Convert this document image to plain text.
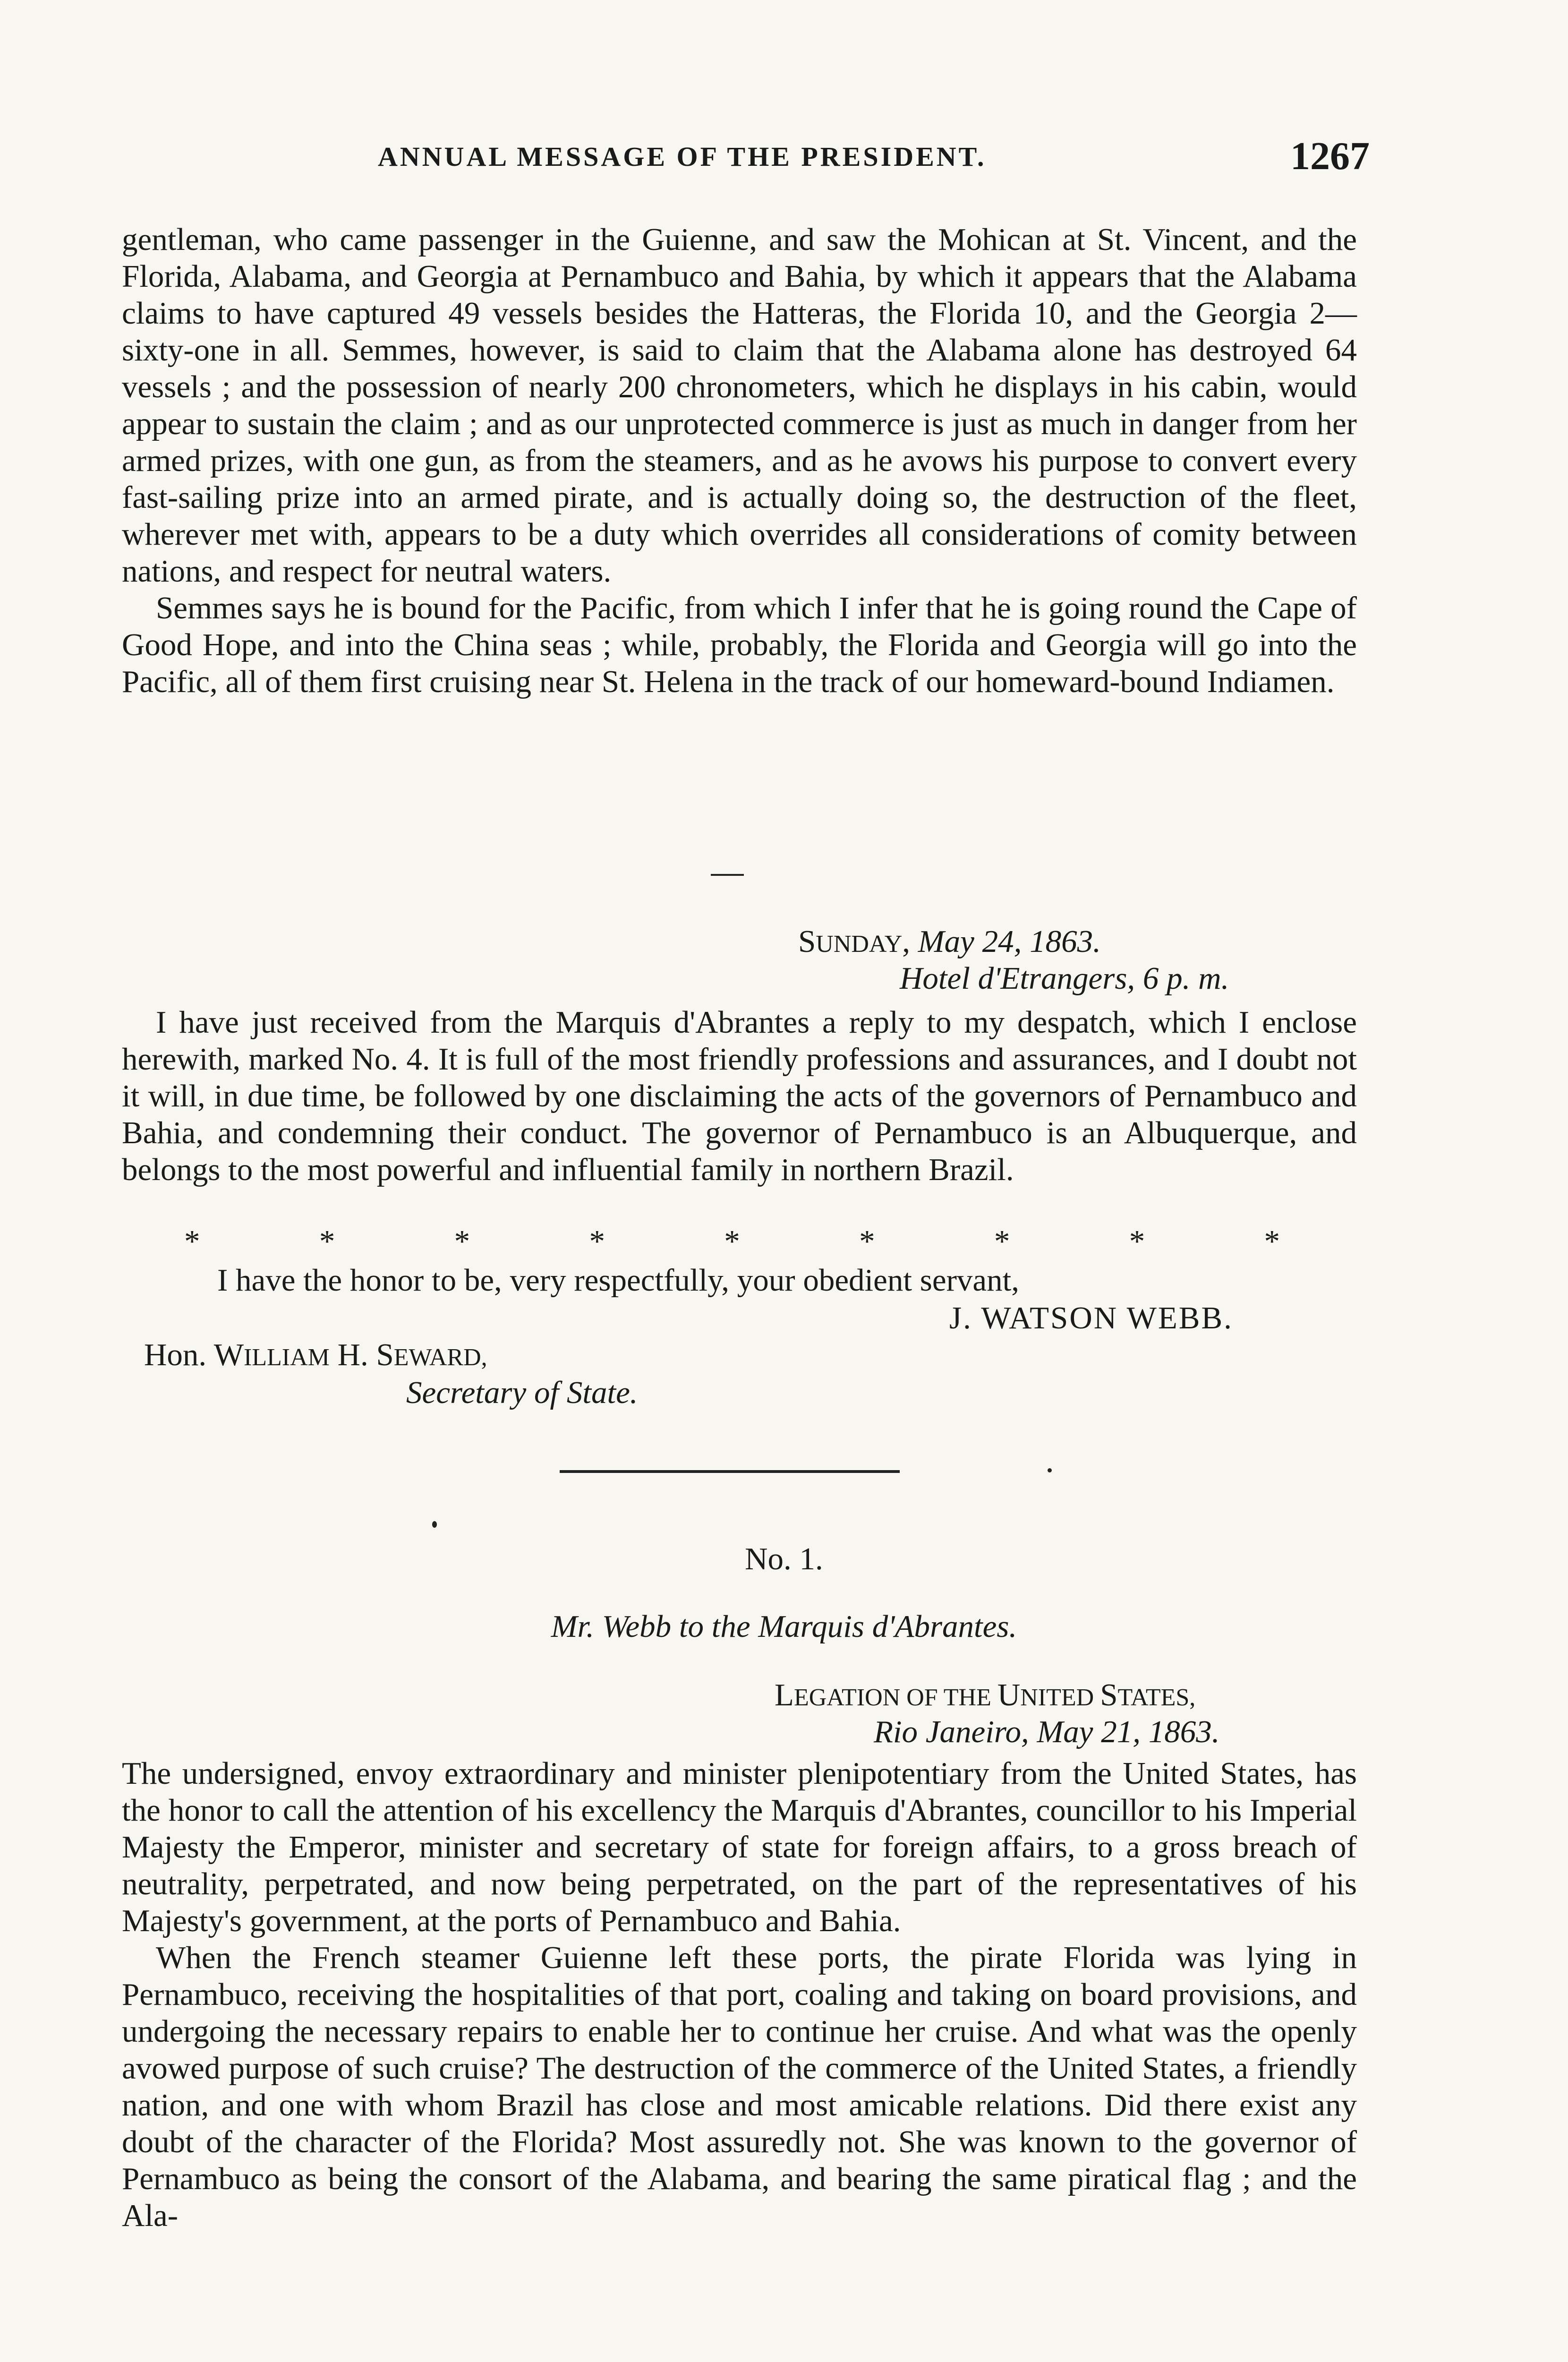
ANNUAL MESSAGE OF THE PRESIDENT.	1267

gentleman, who came passenger in the Guienne, and saw the Mohican at St. Vincent, and the Florida, Alabama, and Georgia at Pernambuco and Bahia, by which it appears that the Alabama claims to have captured 49 vessels besides the Hatteras, the Florida 10, and the Georgia 2—sixty-one in all. Semmes, however, is said to claim that the Alabama alone has destroyed 64 vessels ; and the possession of nearly 200 chronometers, which he displays in his cabin, would appear to sustain the claim ; and as our unprotected commerce is just as much in danger from her armed prizes, with one gun, as from the steamers, and as he avows his purpose to convert every fast-sailing prize into an armed pirate, and is actually doing so, the destruction of the fleet, wherever met with, appears to be a duty which overrides all considerations of comity between nations, and respect for neutral waters.

Semmes says he is bound for the Pacific, from which I infer that he is going round the Cape of Good Hope, and into the China seas ; while, probably, the Florida and Georgia will go into the Pacific, all of them first cruising near St. Helena in the track of our homeward-bound Indiamen.

SUNDAY, May 24, 1863.
Hotel d'Etrangers, 6 p. m.

I have just received from the Marquis d'Abrantes a reply to my despatch, which I enclose herewith, marked No. 4. It is full of the most friendly professions and assurances, and I doubt not it will, in due time, be followed by one disclaiming the acts of the governors of Pernambuco and Bahia, and condemning their conduct. The governor of Pernambuco is an Albuquerque, and belongs to the most powerful and influential family in northern Brazil.

*	*	*	*	*	*	*	*	*
I have the honor to be, very respectfully, your obedient servant,
J. WATSON WEBB.
Hon. WILLIAM H. SEWARD,
Secretary of State.
No. 1.
Mr. Webb to the Marquis d'Abrantes.
LEGATION OF THE UNITED STATES,
Rio Janeiro, May 21, 1863.

The undersigned, envoy extraordinary and minister plenipotentiary from the United States, has the honor to call the attention of his excellency the Marquis d'Abrantes, councillor to his Imperial Majesty the Emperor, minister and secretary of state for foreign affairs, to a gross breach of neutrality, perpetrated, and now being perpetrated, on the part of the representatives of his Majesty's government, at the ports of Pernambuco and Bahia.

When the French steamer Guienne left these ports, the pirate Florida was lying in Pernambuco, receiving the hospitalities of that port, coaling and taking on board provisions, and undergoing the necessary repairs to enable her to continue her cruise. And what was the openly avowed purpose of such cruise? The destruction of the commerce of the United States, a friendly nation, and one with whom Brazil has close and most amicable relations. Did there exist any doubt of the character of the Florida? Most assuredly not. She was known to the governor of Pernambuco as being the consort of the Alabama, and bearing the same piratical flag ; and the Ala-
